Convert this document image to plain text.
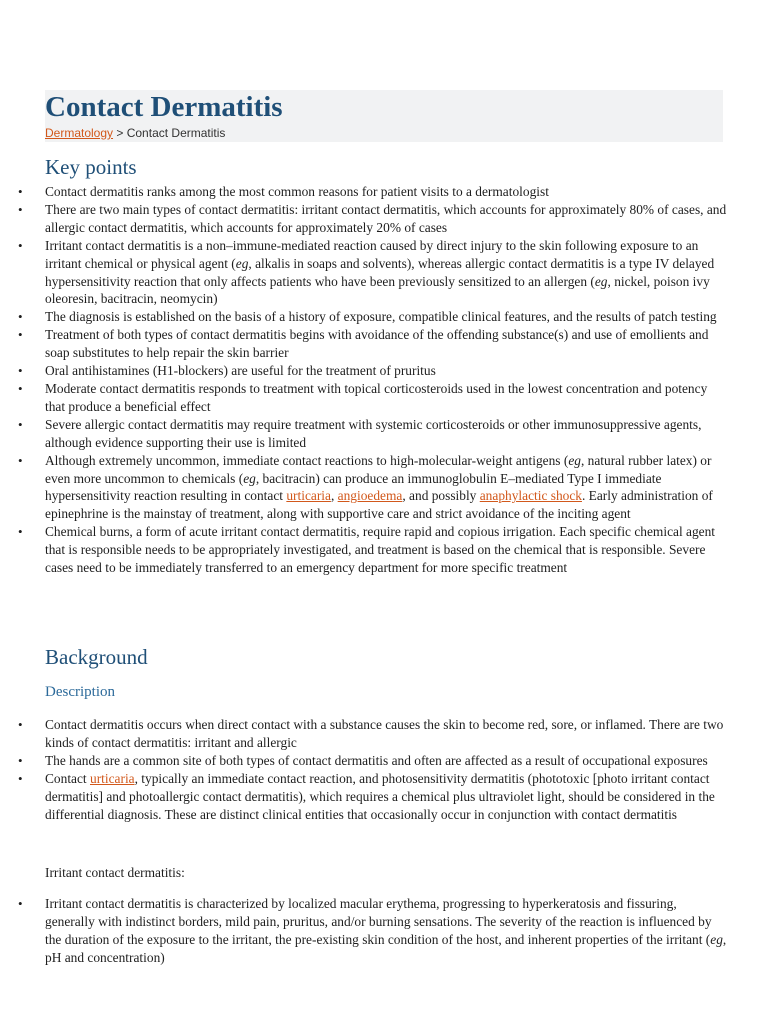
Contact Dermatitis
Dermatology > Contact Dermatitis
Key points
• Contact dermatitis ranks among the most common reasons for patient visits to a dermatologist
• There are two main types of contact dermatitis: irritant contact dermatitis, which accounts for approximately 80% of cases, and allergic contact dermatitis, which accounts for approximately 20% of cases
• Irritant contact dermatitis is a non–immune-mediated reaction caused by direct injury to the skin following exposure to an irritant chemical or physical agent (eg, alkalis in soaps and solvents), whereas allergic contact dermatitis is a type IV delayed hypersensitivity reaction that only affects patients who have been previously sensitized to an allergen (eg, nickel, poison ivy oleoresin, bacitracin, neomycin)
• The diagnosis is established on the basis of a history of exposure, compatible clinical features, and the results of patch testing
• Treatment of both types of contact dermatitis begins with avoidance of the offending substance(s) and use of emollients and soap substitutes to help repair the skin barrier
• Oral antihistamines (H1-blockers) are useful for the treatment of pruritus
• Moderate contact dermatitis responds to treatment with topical corticosteroids used in the lowest concentration and potency that produce a beneficial effect
• Severe allergic contact dermatitis may require treatment with systemic corticosteroids or other immunosuppressive agents, although evidence supporting their use is limited
• Although extremely uncommon, immediate contact reactions to high-molecular-weight antigens (eg, natural rubber latex) or even more uncommon to chemicals (eg, bacitracin) can produce an immunoglobulin E–mediated Type I immediate hypersensitivity reaction resulting in contact urticaria, angioedema, and possibly anaphylactic shock. Early administration of epinephrine is the mainstay of treatment, along with supportive care and strict avoidance of the inciting agent
• Chemical burns, a form of acute irritant contact dermatitis, require rapid and copious irrigation. Each specific chemical agent that is responsible needs to be appropriately investigated, and treatment is based on the chemical that is responsible. Severe cases need to be immediately transferred to an emergency department for more specific treatment
Background
Description
• Contact dermatitis occurs when direct contact with a substance causes the skin to become red, sore, or inflamed. There are two kinds of contact dermatitis: irritant and allergic
• The hands are a common site of both types of contact dermatitis and often are affected as a result of occupational exposures
• Contact urticaria, typically an immediate contact reaction, and photosensitivity dermatitis (phototoxic [photo irritant contact dermatitis] and photoallergic contact dermatitis), which requires a chemical plus ultraviolet light, should be considered in the differential diagnosis. These are distinct clinical entities that occasionally occur in conjunction with contact dermatitis

Irritant contact dermatitis:

• Irritant contact dermatitis is characterized by localized macular erythema, progressing to hyperkeratosis and fissuring, generally with indistinct borders, mild pain, pruritus, and/or burning sensations. The severity of the reaction is influenced by the duration of the exposure to the irritant, the pre-existing skin condition of the host, and inherent properties of the irritant (eg, pH and concentration)
